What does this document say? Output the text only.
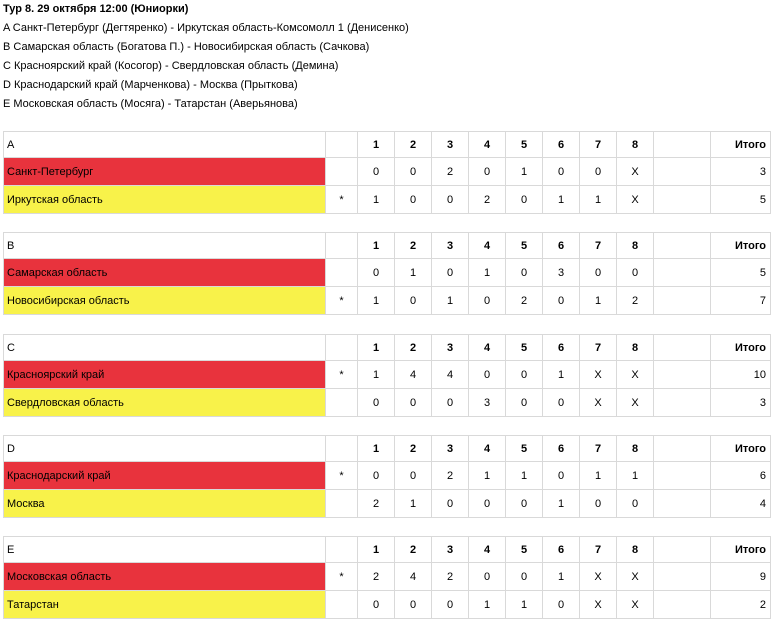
Тур 8. 29 октября 12:00 (Юниорки)
A Санкт-Петербург (Дегтяренко) - Иркутская область-Комсомолл 1 (Денисенко)
B Самарская область (Богатова П.) - Новосибирская область (Сачкова)
C Красноярский край (Косогор) - Свердловская область (Демина)
D Краснодарский край (Марченкова) - Москва (Прыткова)
E Московская область (Мосяга) - Татарстан (Аверьянова)
A		1	2	3	4	5	6	7	8		Итого
Санкт-Петербург		0	0	2	0	1	0	0	X		3
Иркутская область	*	1	0	0	2	0	1	1	X		5
B		1	2	3	4	5	6	7	8		Итого
Самарская область		0	1	0	1	0	3	0	0		5
Новосибирская область	*	1	0	1	0	2	0	1	2		7
C		1	2	3	4	5	6	7	8		Итого
Красноярский край	*	1	4	4	0	0	1	X	X		10
Свердловская область		0	0	0	3	0	0	X	X		3
D		1	2	3	4	5	6	7	8		Итого
Краснодарский край	*	0	0	2	1	1	0	1	1		6
Москва		2	1	0	0	0	1	0	0		4
E		1	2	3	4	5	6	7	8		Итого
Московская область	*	2	4	2	0	0	1	X	X		9
Татарстан		0	0	0	1	1	0	X	X		2
